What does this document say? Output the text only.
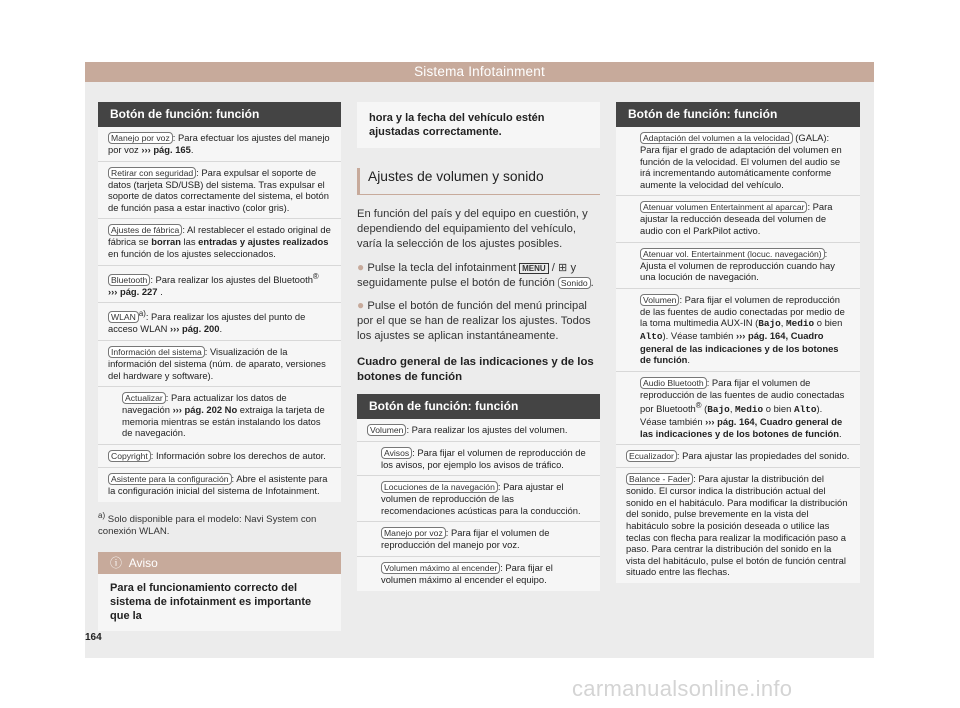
Sistema Infotainment
Botón de función: función
Manejo por voz : Para efectuar los ajustes del manejo por voz ››› pág. 165.
Retirar con seguridad : Para expulsar el soporte de datos (tarjeta SD/USB) del sistema. Tras expulsar el soporte de datos correctamente del sistema, el botón de función pasa a estar inactivo (color gris).
Ajustes de fábrica : Al restablecer el estado original de fábrica se borran las entradas y ajustes realizados en función de los ajustes seleccionados.
Bluetooth : Para realizar los ajustes del Bluetooth®
››› pág. 227 .
WLAN $^{a)}$: Para realizar los ajustes del punto de acceso WLAN ››› pág. 200.
Información del sistema : Visualización de la información del sistema (núm. de aparato, versiones del hardware y software).
Actualizar : Para actualizar los datos de navegación ››› pág. 202 No extraiga la tarjeta de memoria mientras se están instalando los datos de navegación.
Copyright : Información sobre los derechos de autor.
Asistente para la configuración : Abre el asistente para la configuración inicial del sistema de Infotainment.
$^{a)}$ Solo disponible para el modelo: Navi System con conexión WLAN.
ⓘ Aviso
Para el funcionamiento correcto del sistema de infotainment es importante que la
hora y la fecha del vehículo estén ajustadas correctamente.
Ajustes de volumen y sonido
En función del país y del equipo en cuestión, y dependiendo del equipamiento del vehículo, varía la selección de los ajustes posibles.
● Pulse la tecla del infotainment MENU / ⊞ y seguidamente pulse el botón de función Sonido .
● Pulse el botón de función del menú principal por el que se han de realizar los ajustes. Todos los ajustes se aplican instantáneamente.
Cuadro general de las indicaciones y de los botones de función
Botón de función: función
Volumen : Para realizar los ajustes del volumen.
Avisos : Para fijar el volumen de reproducción de los avisos, por ejemplo los avisos de tráfico.
Locuciones de la navegación : Para ajustar el volumen de reproducción de las recomendaciones acústicas para la conducción.
Manejo por voz : Para fijar el volumen de reproducción del manejo por voz.
Volumen máximo al encender : Para fijar el volumen máximo al encender el equipo.
Botón de función: función
Adaptación del volumen a la velocidad (GALA): Para fijar el grado de adaptación del volumen en función de la velocidad. El volumen del audio se irá incrementando automáticamente conforme aumente la velocidad del vehículo.
Atenuar volumen Entertainment al aparcar : Para ajustar la reducción deseada del volumen de audio con el ParkPilot activo.
Atenuar vol. Entertainment (locuc. navegación) : Ajusta el volumen de reproducción cuando hay una locución de navegación.
Volumen : Para fijar el volumen de reproducción de las fuentes de audio conectadas por medio de la toma multimedia AUX-IN (Bajo, Medio o bien Alto). Véase también ››› pág. 164, Cuadro general de las indicaciones y de los botones de función.
Audio Bluetooth : Para fijar el volumen de reproducción de las fuentes de audio conectadas por Bluetooth® (Bajo, Medio o bien Alto). Véase también ››› pág. 164, Cuadro general de las indicaciones y de los botones de función.
Ecualizador : Para ajustar las propiedades del sonido.
Balance - Fader : Para ajustar la distribución del sonido. El cursor indica la distribución actual del sonido en el habitáculo. Para modificar la distribución del sonido, pulse brevemente en la vista del habitáculo sobre la posición deseada o utilice las teclas con flecha para realizar la modificación paso a paso. Para centrar la distribución del sonido en la vista del habitáculo, pulse el botón de función central situado entre las flechas.
164
carmanualsonline.info
